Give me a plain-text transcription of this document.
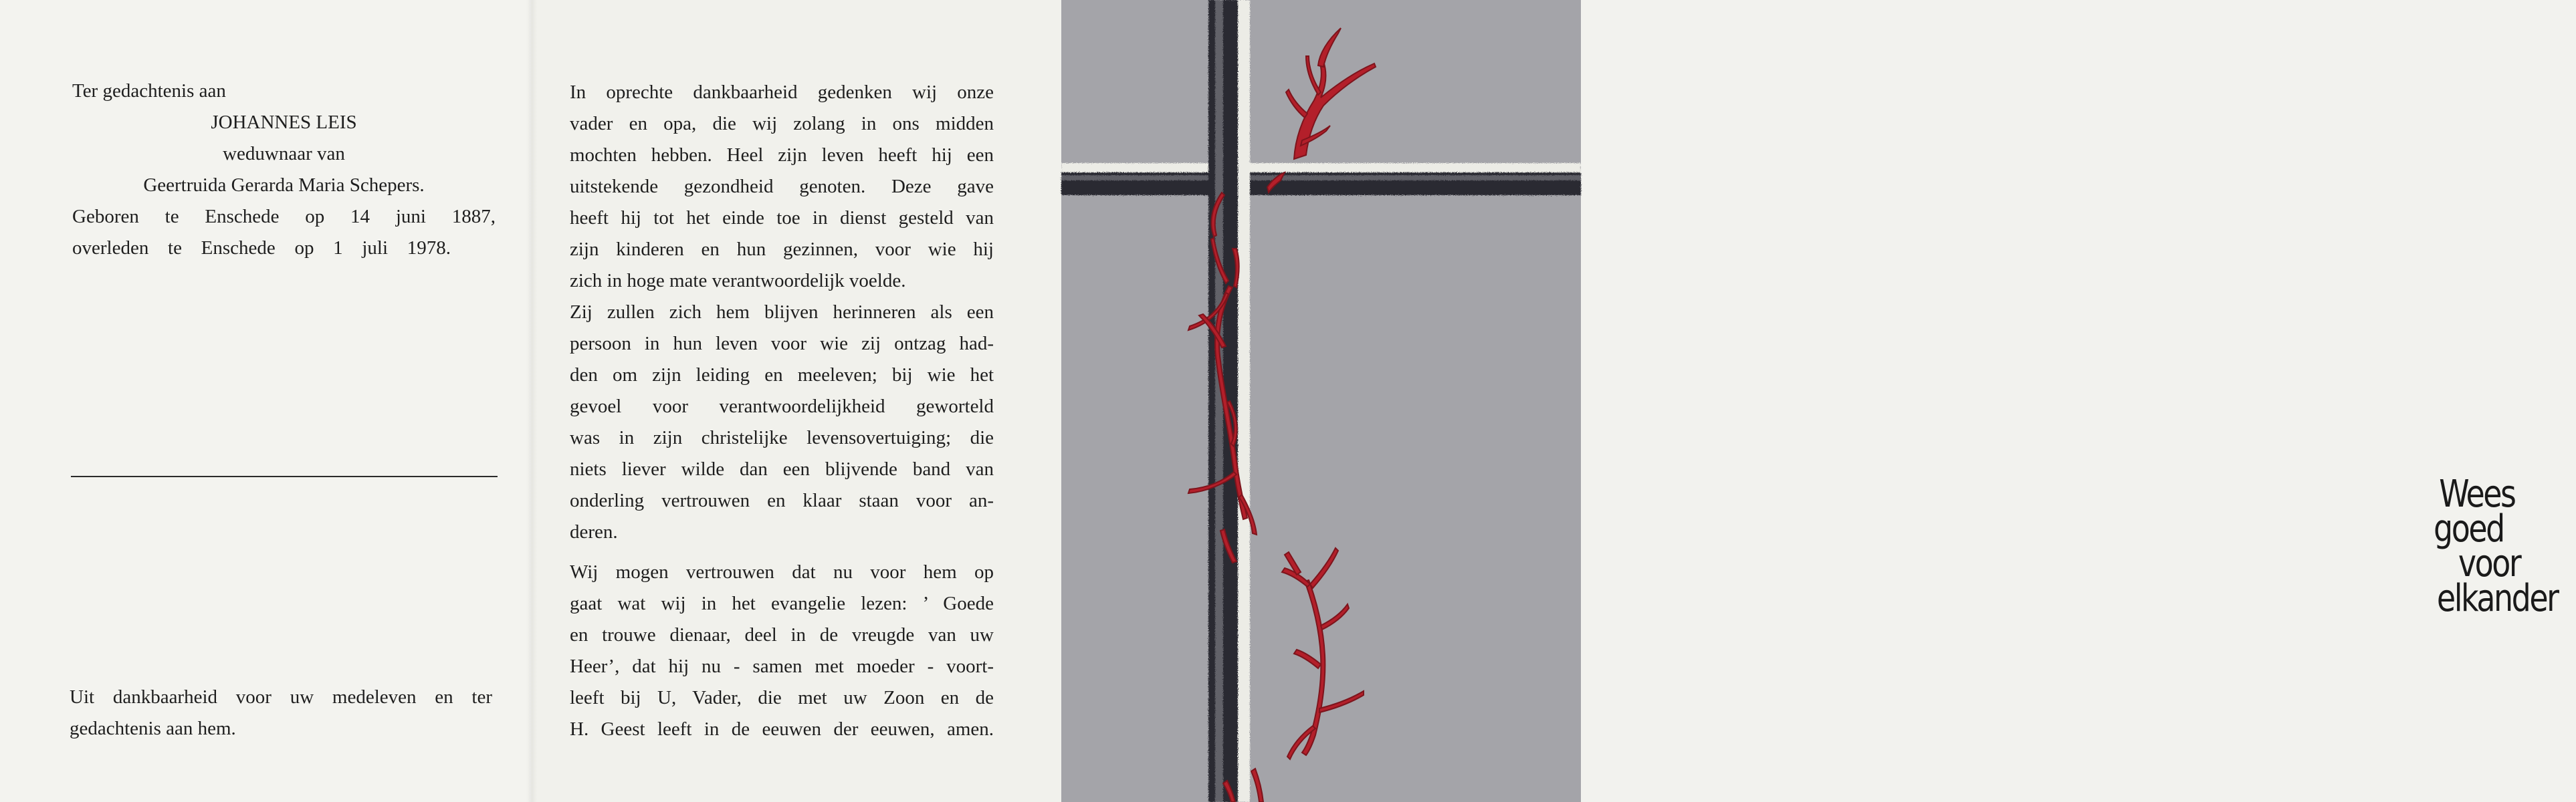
Ter gedachtenis aan
JOHANNES LEIS
weduwnaar van
Geertruida Gerarda Maria Schepers.
Geboren te Enschede op 14 juni 1887,
overleden te Enschede op 1 juli 1978.
Uit dankbaarheid voor uw medeleven en ter
gedachtenis aan hem.
In oprechte dankbaarheid gedenken wij onze
vader en opa, die wij zolang in ons midden
mochten hebben. Heel zijn leven heeft hij een
uitstekende gezondheid genoten. Deze gave
heeft hij tot het einde toe in dienst gesteld van
zijn kinderen en hun gezinnen, voor wie hij
zich in hoge mate verantwoordelijk voelde.
Zij zullen zich hem blijven herinneren als een
persoon in hun leven voor wie zij ontzag had-
den om zijn leiding en meeleven; bij wie het
gevoel voor verantwoordelijkheid geworteld
was in zijn christelijke levensovertuiging; die
niets liever wilde dan een blijvende band van
onderling vertrouwen en klaar staan voor an-
deren.
Wij mogen vertrouwen dat nu voor hem op
gaat wat wij in het evangelie lezen: ’ Goede
en trouwe dienaar, deel in de vreugde van uw
Heer’, dat hij nu - samen met moeder - voort-
leeft bij U, Vader, die met uw Zoon en de
H. Geest leeft in de eeuwen der eeuwen, amen.
Wees
goed
voor
elkander
